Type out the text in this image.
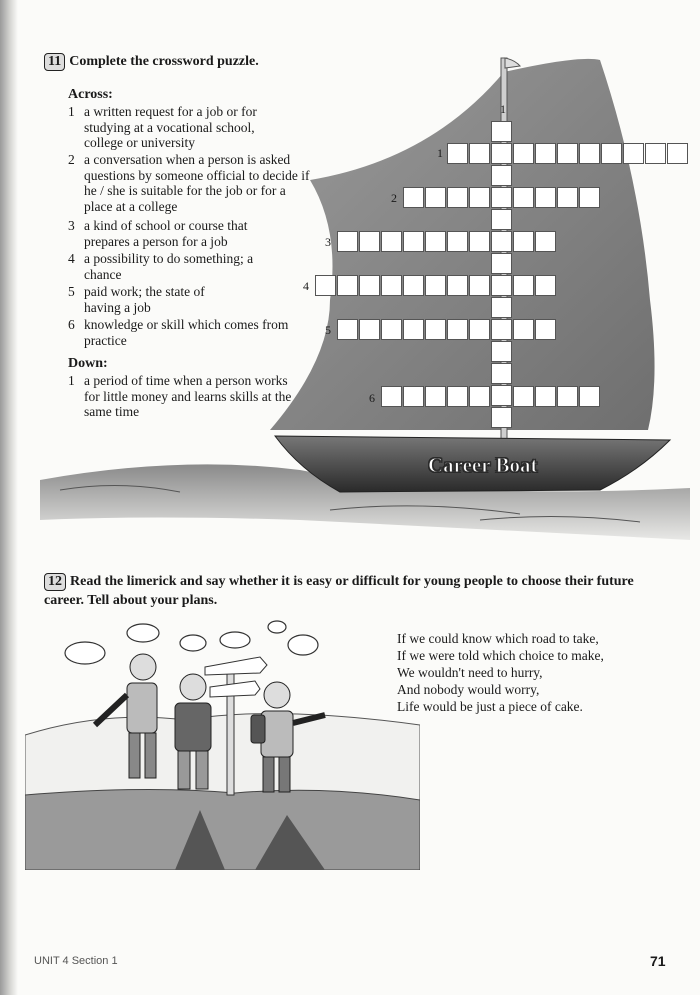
11 Complete the crossword puzzle.
Career Boat
1
1
2
3
4
5
6
Across:
1 a written request for a job or for studying at a vocational school, college or university
2 a conversation when a person is asked questions by someone official to decide if he / she is suitable for the job or for a place at a college
3 a kind of school or course that prepares a person for a job
4 a possibility to do something; a chance
5 paid work; the state of having a job
6 knowledge or skill which comes from practice
Down:
1 a period of time when a person works for little money and learns skills at the same time
12 Read the limerick and say whether it is easy or difficult for young people to choose their future career. Tell about your plans.
If we could know which road to take,
If we were told which choice to make,
We wouldn't need to hurry,
And nobody would worry,
Life would be just a piece of cake.
UNIT 4 Section 1	71
